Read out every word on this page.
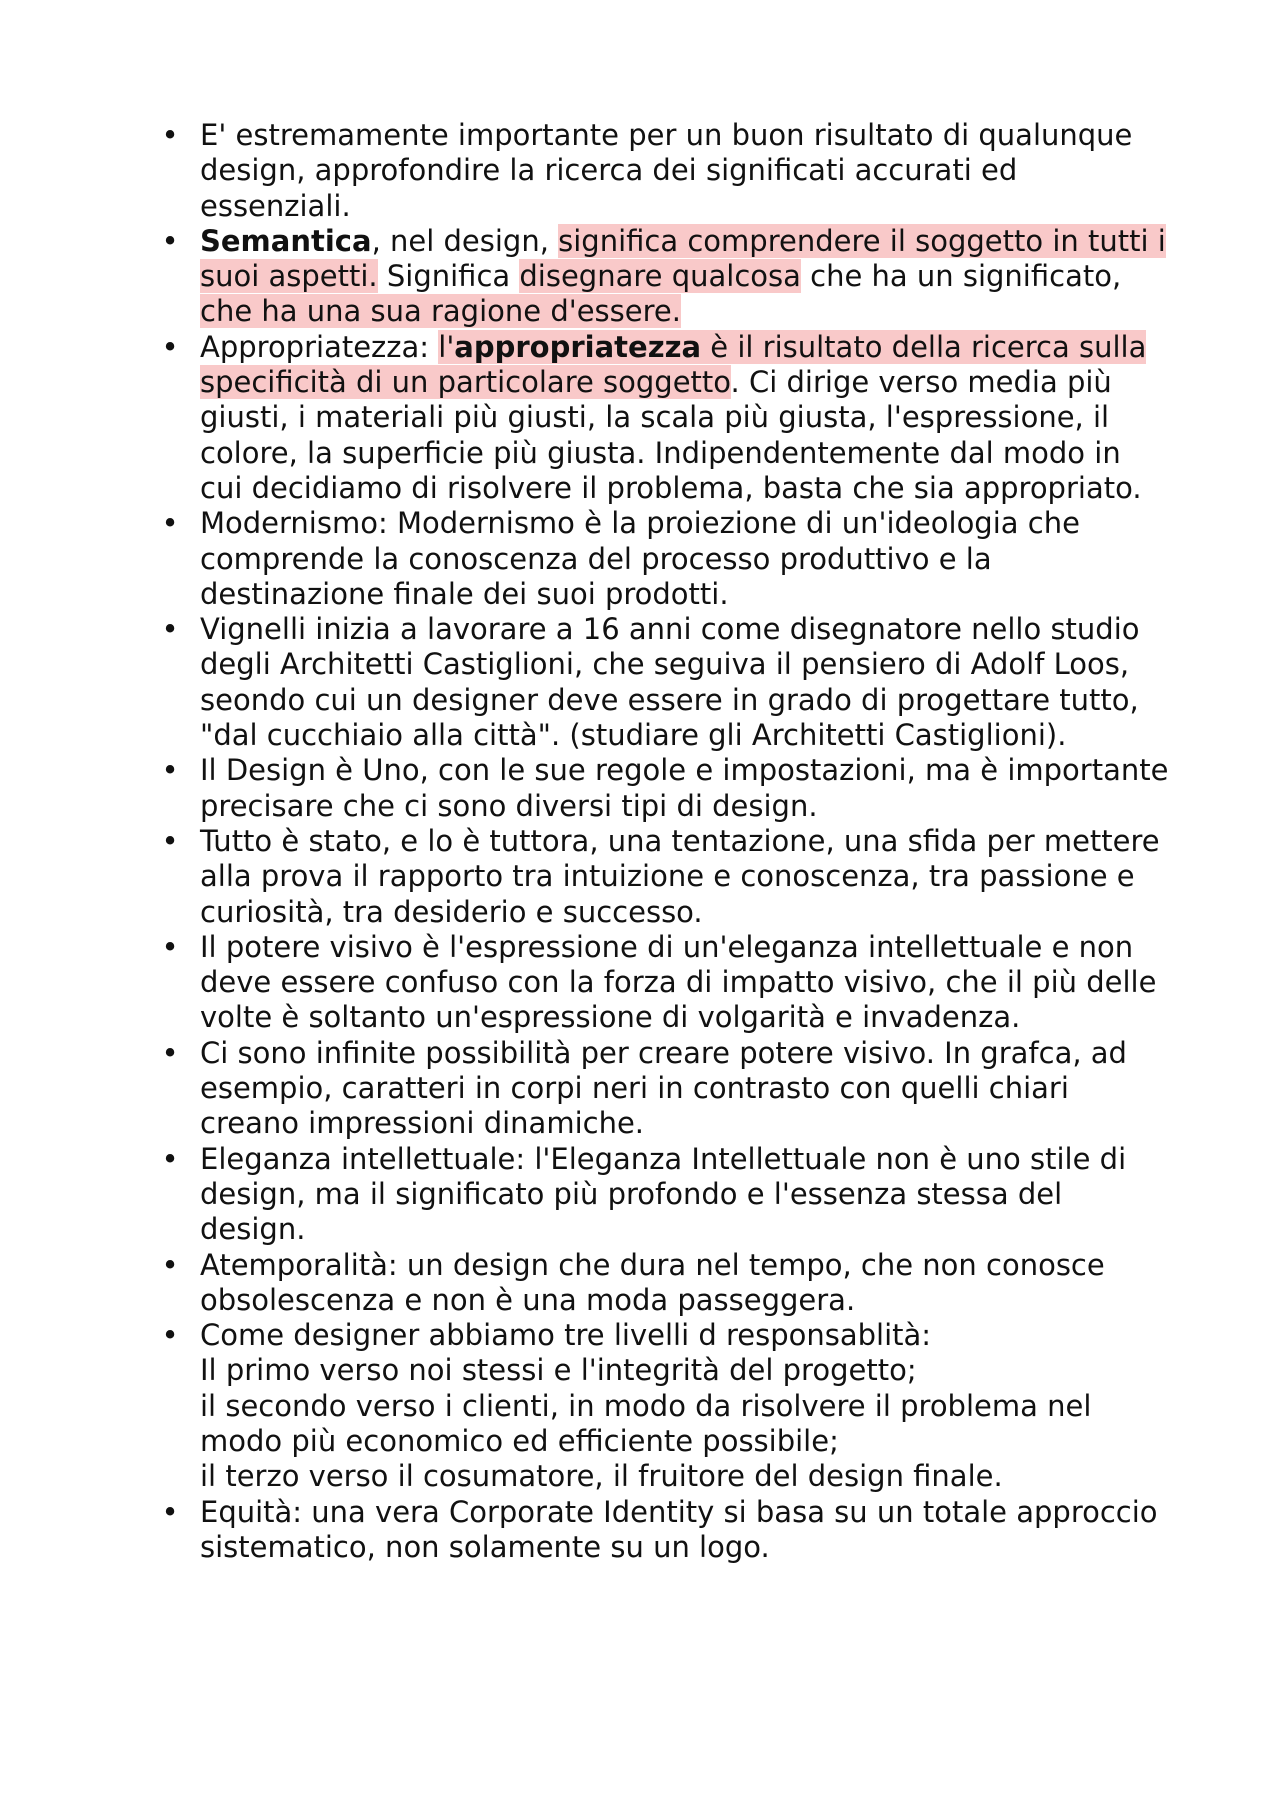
• E' estremamente importante per un buon risultato di qualunque design, approfondire la ricerca dei significati accurati ed essenziali.
• Semantica, nel design, significa comprendere il soggetto in tutti i suoi aspetti. Significa disegnare qualcosa che ha un significato, che ha una sua ragione d'essere.
• Appropriatezza: l'appropriatezza è il risultato della ricerca sulla specificità di un particolare soggetto. Ci dirige verso media più giusti, i materiali più giusti, la scala più giusta, l'espressione, il colore, la superficie più giusta. Indipendentemente dal modo in cui decidiamo di risolvere il problema, basta che sia appropriato.
• Modernismo: Modernismo è la proiezione di un'ideologia che comprende la conoscenza del processo produttivo e la destinazione finale dei suoi prodotti.
• Vignelli inizia a lavorare a 16 anni come disegnatore nello studio degli Architetti Castiglioni, che seguiva il pensiero di Adolf Loos, seondo cui un designer deve essere in grado di progettare tutto, "dal cucchiaio alla città". (studiare gli Architetti Castiglioni).
• Il Design è Uno, con le sue regole e impostazioni, ma è importante precisare che ci sono diversi tipi di design.
• Tutto è stato, e lo è tuttora, una tentazione, una sfida per mettere alla prova il rapporto tra intuizione e conoscenza, tra passione e curiosità, tra desiderio e successo.
• Il potere visivo è l'espressione di un'eleganza intellettuale e non deve essere confuso con la forza di impatto visivo, che il più delle volte è soltanto un'espressione di volgarità e invadenza.
• Ci sono infinite possibilità per creare potere visivo. In grafca, ad esempio, caratteri in corpi neri in contrasto con quelli chiari creano impressioni dinamiche.
• Eleganza intellettuale: l'Eleganza Intellettuale non è uno stile di design, ma il significato più profondo e l'essenza stessa del design.
• Atemporalità: un design che dura nel tempo, che non conosce obsolescenza e non è una moda passeggera.
• Come designer abbiamo tre livelli d responsablità:
Il primo verso noi stessi e l'integrità del progetto;
il secondo verso i clienti, in modo da risolvere il problema nel modo più economico ed efficiente possibile;
il terzo verso il cosumatore, il fruitore del design finale.
• Equità: una vera Corporate Identity si basa su un totale approccio sistematico, non solamente su un logo.
